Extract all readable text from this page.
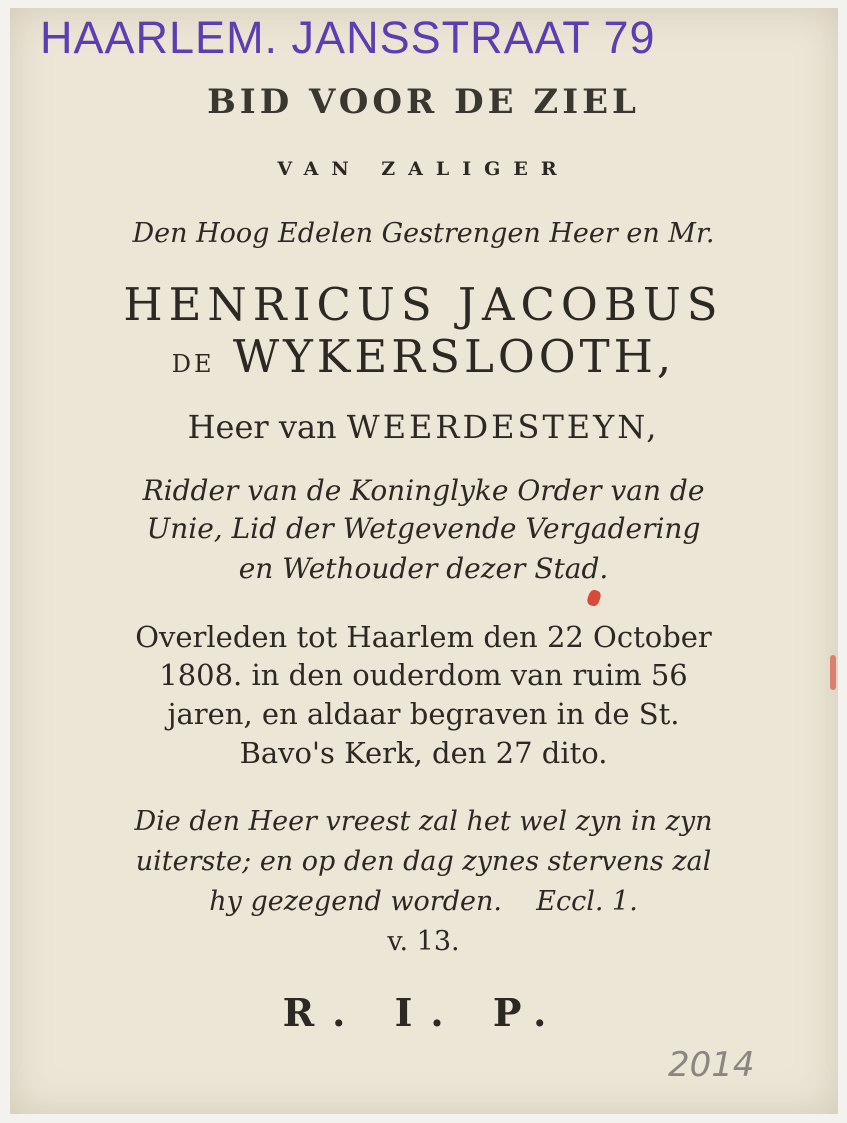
HAARLEM. JANSSTRAAT 79
BID VOOR DE ZIEL
VAN ZALIGER
Den Hoog Edelen Gestrengen Heer en Mr.
HENRICUS JACOBUS
DE WYKERSLOOTH,
Heer van WEERDESTEYN,
Ridder van de Koninglyke Order van de
Unie, Lid der Wetgevende Vergadering
en Wethouder dezer Stad.
Overleden tot Haarlem den 22 October
1808. in den ouderdom van ruim 56
jaren, en aldaar begraven in de St.
Bavo's Kerk, den 27 dito.
Die den Heer vreest zal het wel zyn in zyn
uiterste; en op den dag zynes stervens zal
hy gezegend worden.    Eccl. 1.
v. 13.
R. I. P.
2014
